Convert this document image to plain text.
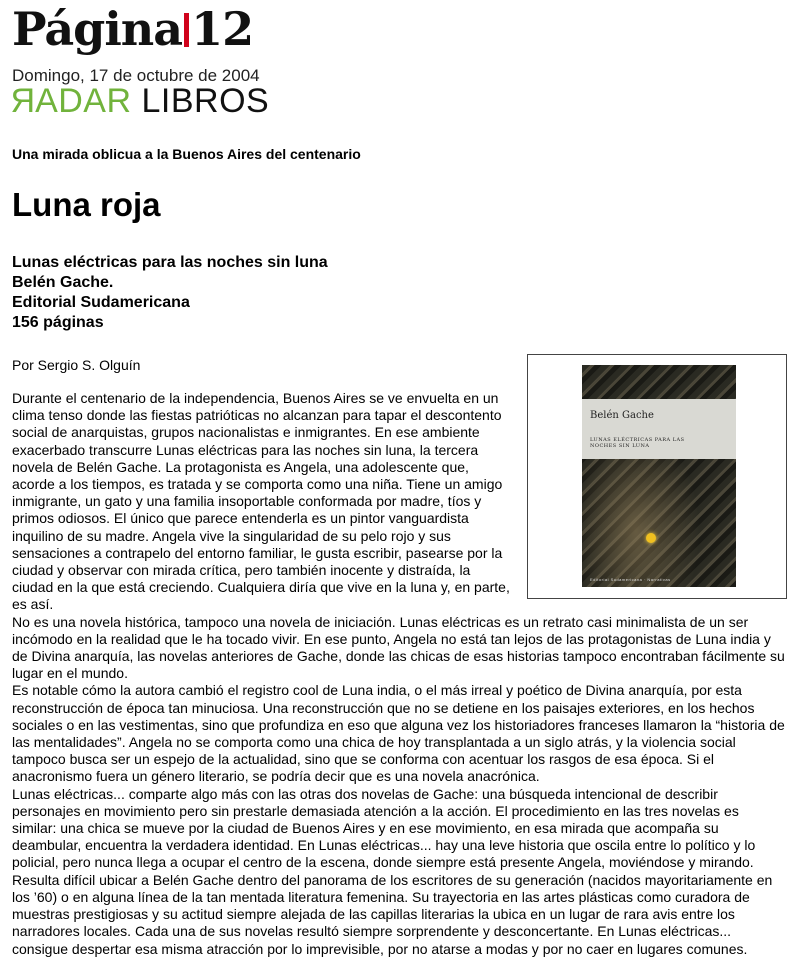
Página 12
Domingo, 17 de octubre de 2004
RADAR LIBROS
Una mirada oblicua a la Buenos Aires del centenario
Luna roja
Lunas eléctricas para las noches sin luna
Belén Gache.
Editorial Sudamericana
156 páginas
Por Sergio S. Olguín
Belén Gache
LUNAS ELÉCTRICAS PARA LAS NOCHES SIN LUNA
Editorial Sudamericana · Narrativas

Durante el centenario de la independencia, Buenos Aires se ve envuelta en un clima tenso donde las fiestas patrióticas no alcanzan para tapar el descontento social de anarquistas, grupos nacionalistas e inmigrantes. En ese ambiente exacerbado transcurre Lunas eléctricas para las noches sin luna, la tercera novela de Belén Gache. La protagonista es Angela, una adolescente que, acorde a los tiempos, es tratada y se comporta como una niña. Tiene un amigo inmigrante, un gato y una familia insoportable conformada por madre, tíos y primos odiosos. El único que parece entenderla es un pintor vanguardista inquilino de su madre. Angela vive la singularidad de su pelo rojo y sus sensaciones a contrapelo del entorno familiar, le gusta escribir, pasearse por la ciudad y observar con mirada crítica, pero también inocente y distraída, la ciudad en la que está creciendo. Cualquiera diría que vive en la luna y, en parte, es así.

No es una novela histórica, tampoco una novela de iniciación. Lunas eléctricas es un retrato casi minimalista de un ser incómodo en la realidad que le ha tocado vivir. En ese punto, Angela no está tan lejos de las protagonistas de Luna india y de Divina anarquía, las novelas anteriores de Gache, donde las chicas de esas historias tampoco encontraban fácilmente su lugar en el mundo.

Es notable cómo la autora cambió el registro cool de Luna india, o el más irreal y poético de Divina anarquía, por esta reconstrucción de época tan minuciosa. Una reconstrucción que no se detiene en los paisajes exteriores, en los hechos sociales o en las vestimentas, sino que profundiza en eso que alguna vez los historiadores franceses llamaron la “historia de las mentalidades”. Angela no se comporta como una chica de hoy transplantada a un siglo atrás, y la violencia social tampoco busca ser un espejo de la actualidad, sino que se conforma con acentuar los rasgos de esa época. Si el anacronismo fuera un género literario, se podría decir que es una novela anacrónica.

Lunas eléctricas... comparte algo más con las otras dos novelas de Gache: una búsqueda intencional de describir personajes en movimiento pero sin prestarle demasiada atención a la acción. El procedimiento en las tres novelas es similar: una chica se mueve por la ciudad de Buenos Aires y en ese movimiento, en esa mirada que acompaña su deambular, encuentra la verdadera identidad. En Lunas eléctricas... hay una leve historia que oscila entre lo político y lo policial, pero nunca llega a ocupar el centro de la escena, donde siempre está presente Angela, moviéndose y mirando. Resulta difícil ubicar a Belén Gache dentro del panorama de los escritores de su generación (nacidos mayoritariamente en los ’60) o en alguna línea de la tan mentada literatura femenina. Su trayectoria en las artes plásticas como curadora de muestras prestigiosas y su actitud siempre alejada de las capillas literarias la ubica en un lugar de rara avis entre los narradores locales. Cada una de sus novelas resultó siempre sorprendente y desconcertante. En Lunas eléctricas... consigue despertar esa misma atracción por lo imprevisible, por no atarse a modas y por no caer en lugares comunes.
